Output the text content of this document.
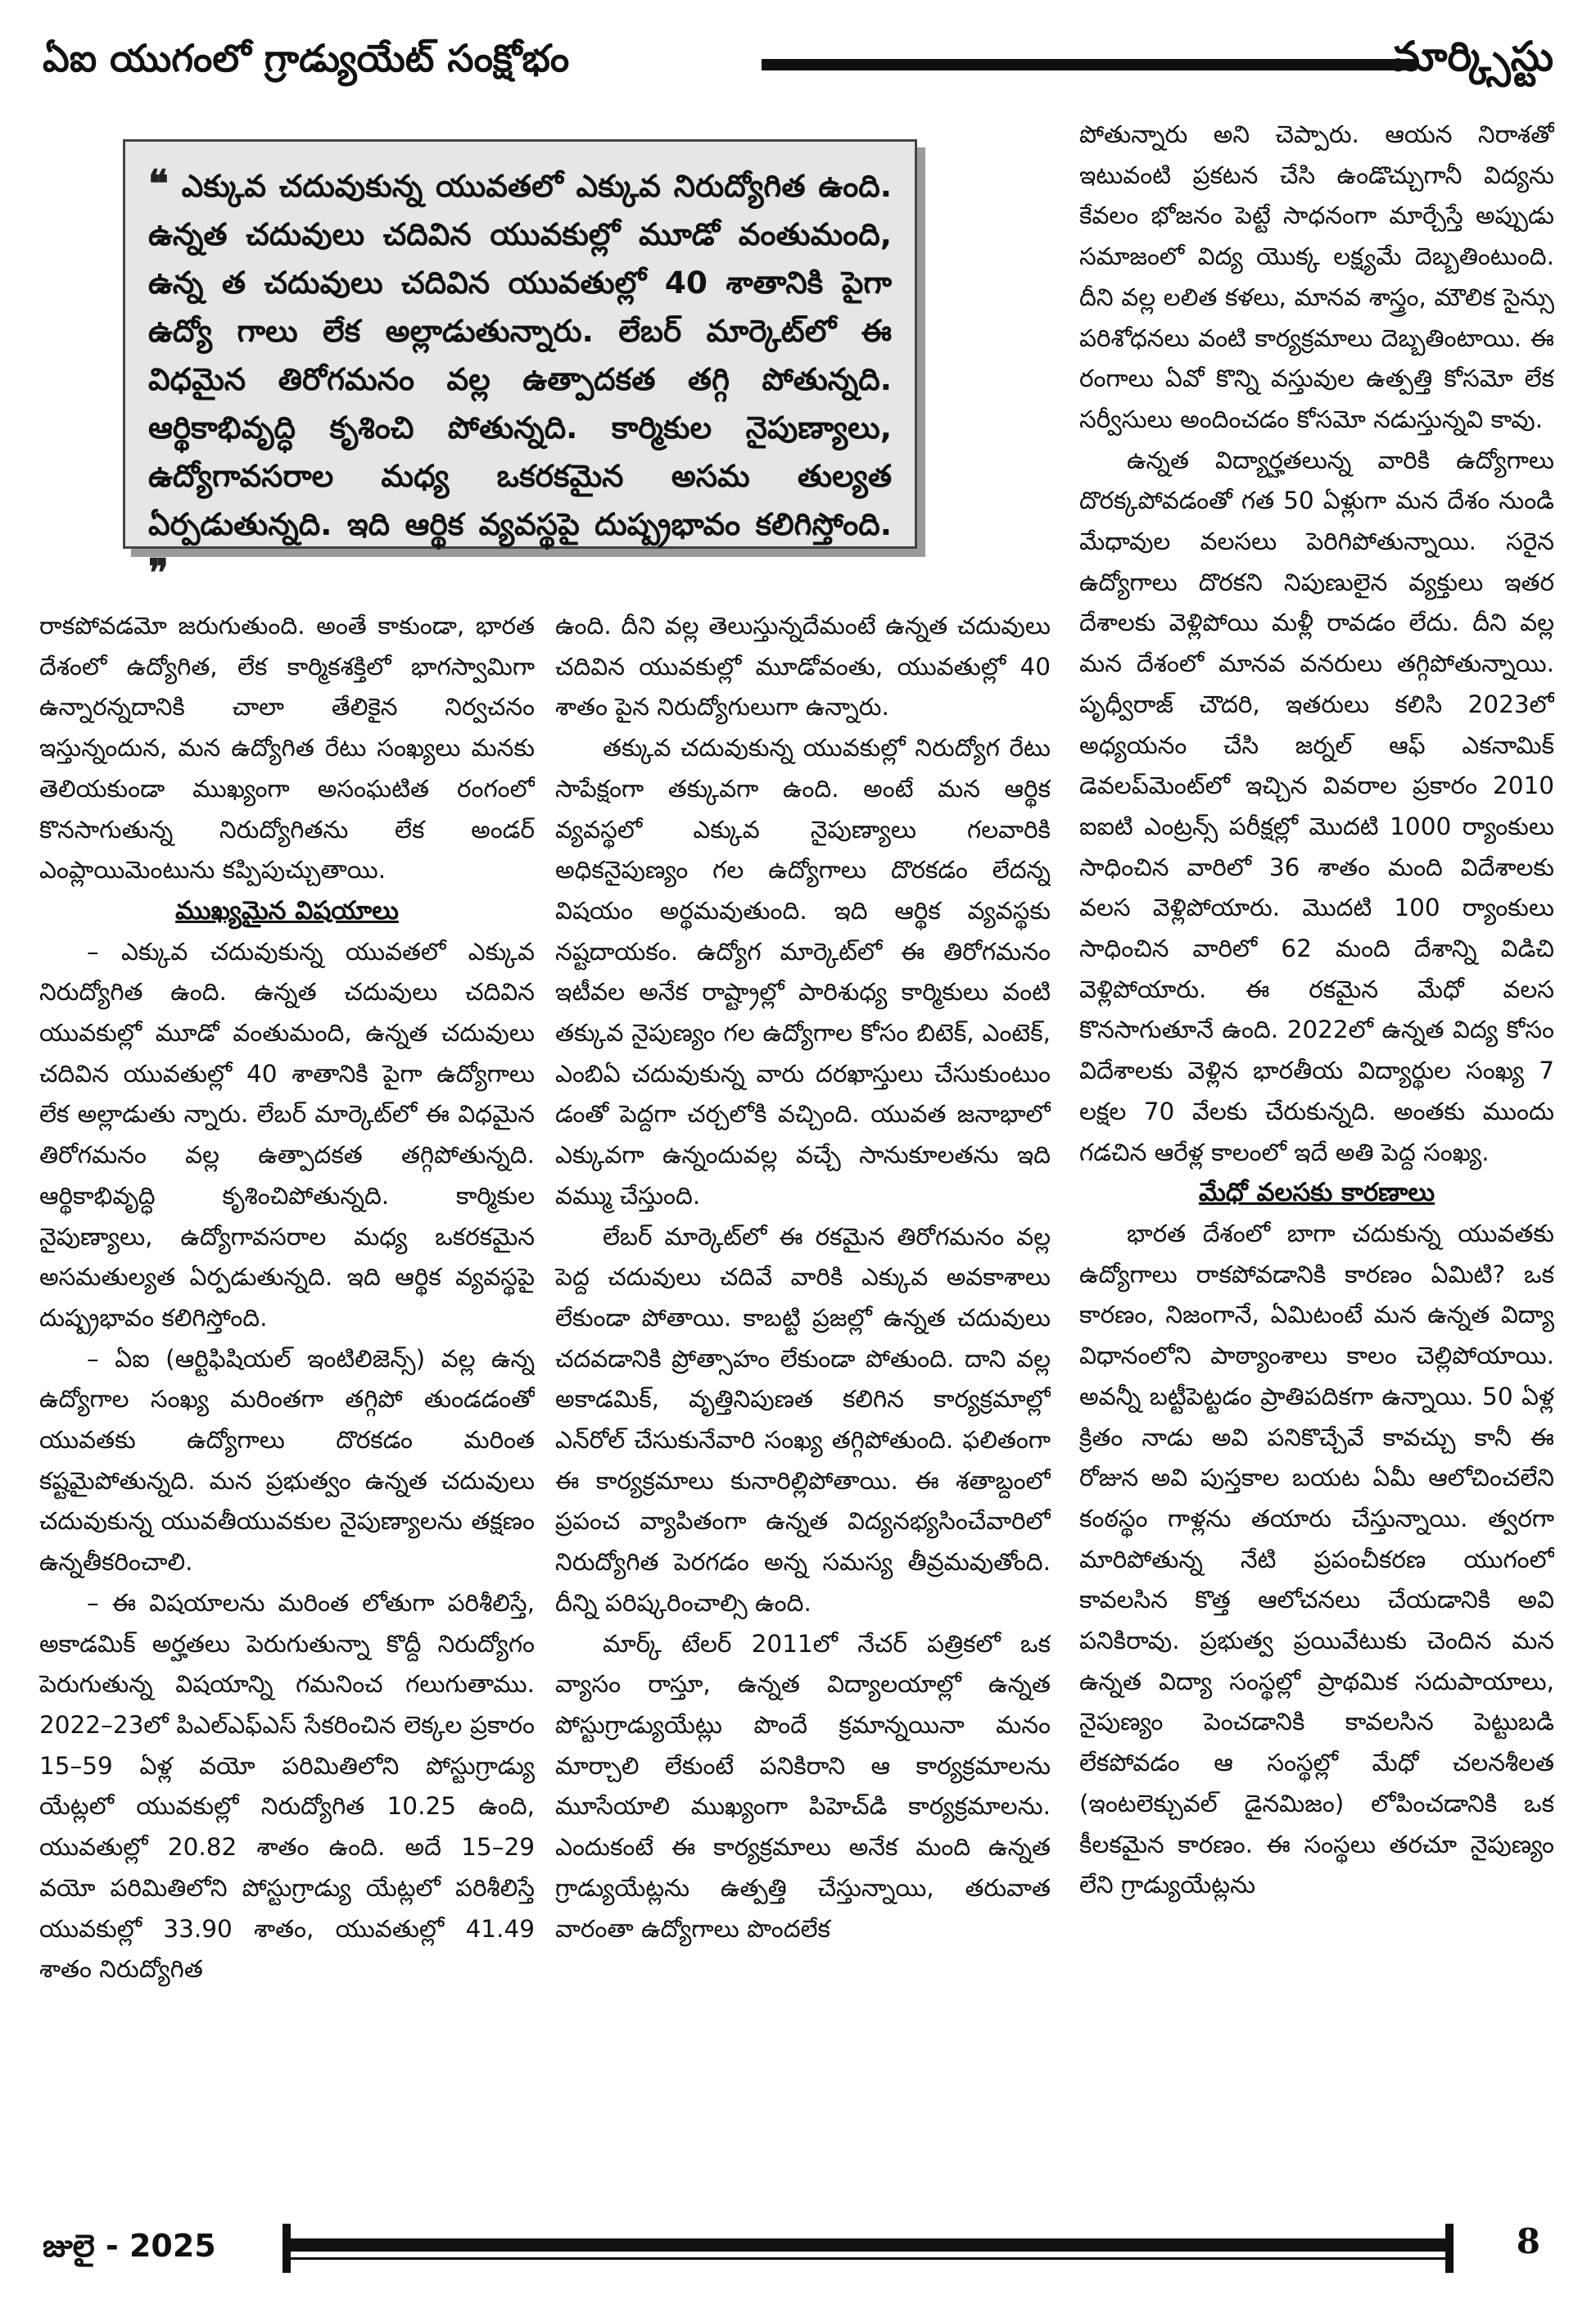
ఏఐ యుగంలో గ్రాడ్యుయేట్ సంక్షోభం	మార్క్సిస్టు

❝ ఎక్కువ చదువుకున్న యువతలో ఎక్కువ నిరుద్యోగిత ఉంది. ఉన్నత చదువులు చదివిన యువకుల్లో మూడో వంతుమంది, ఉన్న త చదువులు చదివిన యువతుల్లో 40 శాతానికి పైగా ఉద్యో గాలు లేక అల్లాడుతున్నారు. లేబర్ మార్కెట్‌లో ఈ విధమైన తిరోగమనం వల్ల ఉత్పాదకత తగ్గి పోతున్నది. ఆర్థికాభివృద్ధి కృశించి పోతున్నది. కార్మికుల నైపుణ్యాలు, ఉద్యోగావసరాల మధ్య ఒకరకమైన అసమ తుల్యత ఏర్పడుతున్నది. ఇది ఆర్థిక వ్యవస్థపై దుష్ప్రభావం కలిగిస్తోంది. ❞

రాకపోవడమో జరుగుతుంది. అంతే కాకుండా, భారత దేశంలో ఉద్యోగిత, లేక కార్మికశక్తిలో భాగస్వామిగా ఉన్నారన్నదానికి చాలా తేలికైన నిర్వచనం ఇస్తున్నందున, మన ఉద్యోగిత రేటు సంఖ్యలు మనకు తెలియకుండా ముఖ్యంగా అసంఘటిత రంగంలో కొనసాగుతున్న నిరుద్యోగితను లేక అండర్ ఎంప్లాయిమెంటును కప్పిపుచ్చుతాయి.

ముఖ్యమైన విషయాలు

– ఎక్కువ చదువుకున్న యువతలో ఎక్కువ నిరుద్యోగిత ఉంది. ఉన్నత చదువులు చదివిన యువకుల్లో మూడో వంతుమంది, ఉన్నత చదువులు చదివిన యువతుల్లో 40 శాతానికి పైగా ఉద్యోగాలు లేక అల్లాడుతు న్నారు. లేబర్ మార్కెట్‌లో ఈ విధమైన తిరోగమనం వల్ల ఉత్పాదకత తగ్గిపోతున్నది. ఆర్థికాభివృద్ధి కృశించిపోతున్నది. కార్మికుల నైపుణ్యాలు, ఉద్యోగావసరాల మధ్య ఒకరకమైన అసమతుల్యత ఏర్పడుతున్నది. ఇది ఆర్థిక వ్యవస్థపై దుష్ప్రభావం కలిగిస్తోంది.

– ఏఐ (ఆర్టిఫిషియల్ ఇంటిలిజెన్స్) వల్ల ఉన్న ఉద్యోగాల సంఖ్య మరింతగా తగ్గిపో తుండడంతో యువతకు ఉద్యోగాలు దొరకడం మరింత కష్టమైపోతున్నది. మన ప్రభుత్వం ఉన్నత చదువులు చదువుకున్న యువతీయువకుల నైపుణ్యాలను తక్షణం ఉన్నతీకరించాలి.

– ఈ విషయాలను మరింత లోతుగా పరిశీలిస్తే, అకాడమిక్ అర్హతలు పెరుగుతున్నా కొద్దీ నిరుద్యోగం పెరుగుతున్న విషయాన్ని గమనించ గలుగుతాము. 2022–23లో పిఎల్ఎఫ్ఎస్ సేకరించిన లెక్కల ప్రకారం 15–59 ఏళ్ల వయో పరిమితిలోని పోస్టుగ్రాడ్యు యేట్లలో యువకుల్లో నిరుద్యోగిత 10.25 ఉంది, యువతుల్లో 20.82 శాతం ఉంది. అదే 15–29 వయో పరిమితిలోని పోస్టుగ్రాడ్యు యేట్లలో పరిశీలిస్తే యువకుల్లో 33.90 శాతం, యువతుల్లో 41.49 శాతం నిరుద్యోగిత

ఉంది. దీని వల్ల తెలుస్తున్నదేమంటే ఉన్నత చదువులు చదివిన యువకుల్లో మూడోవంతు, యువతుల్లో 40 శాతం పైన నిరుద్యోగులుగా ఉన్నారు.

తక్కువ చదువుకున్న యువకుల్లో నిరుద్యోగ రేటు సాపేక్షంగా తక్కువగా ఉంది. అంటే మన ఆర్థిక వ్యవస్థలో ఎక్కువ నైపుణ్యాలు గలవారికి అధికనైపుణ్యం గల ఉద్యోగాలు దొరకడం లేదన్న విషయం అర్థమవుతుంది. ఇది ఆర్థిక వ్యవస్థకు నష్టదాయకం. ఉద్యోగ మార్కెట్‌లో ఈ తిరోగమనం ఇటీవల అనేక రాష్ట్రాల్లో పారిశుధ్య కార్మికులు వంటి తక్కువ నైపుణ్యం గల ఉద్యోగాల కోసం బిటెక్, ఎంటెక్, ఎంబిఏ చదువుకున్న వారు దరఖాస్తులు చేసుకుంటుం డంతో పెద్దగా చర్చలోకి వచ్చింది. యువత జనాభాలో ఎక్కువగా ఉన్నందువల్ల వచ్చే సానుకూలతను ఇది వమ్ము చేస్తుంది.

లేబర్ మార్కెట్‌లో ఈ రకమైన తిరోగమనం వల్ల పెద్ద చదువులు చదివే వారికి ఎక్కువ అవకాశాలు లేకుండా పోతాయి. కాబట్టి ప్రజల్లో ఉన్నత చదువులు చదవడానికి ప్రోత్సాహం లేకుండా పోతుంది. దాని వల్ల అకాడమిక్, వృత్తినిపుణత కలిగిన కార్యక్రమాల్లో ఎన్‌రోల్ చేసుకునేవారి సంఖ్య తగ్గిపోతుంది. ఫలితంగా ఈ కార్యక్రమాలు కునారిల్లిపోతాయి. ఈ శతాబ్దంలో ప్రపంచ వ్యాపితంగా ఉన్నత విద్యనభ్యసించేవారిలో నిరుద్యోగిత పెరగడం అన్న సమస్య తీవ్రమవుతోంది. దీన్ని పరిష్కరించాల్సి ఉంది.

మార్క్ టేలర్ 2011లో నేచర్ పత్రికలో ఒక వ్యాసం రాస్తూ, ఉన్నత విద్యాలయాల్లో ఉన్నత పోస్టుగ్రాడ్యుయేట్లు పొందే క్రమాన్నయినా మనం మార్చాలి లేకుంటే పనికిరాని ఆ కార్యక్రమాలను మూసేయాలి ముఖ్యంగా పిహెచ్‌డి కార్యక్రమాలను. ఎందుకంటే ఈ కార్యక్రమాలు అనేక మంది ఉన్నత గ్రాడ్యుయేట్లను ఉత్పత్తి చేస్తున్నాయి, తరువాత వారంతా ఉద్యోగాలు పొందలేక

పోతున్నారు అని చెప్పారు. ఆయన నిరాశతో ఇటువంటి ప్రకటన చేసి ఉండొచ్చుగానీ విద్యను కేవలం భోజనం పెట్టే సాధనంగా మార్చేస్తే అప్పుడు సమాజంలో విద్య యొక్క లక్ష్యమే దెబ్బతింటుంది. దీని వల్ల లలిత కళలు, మానవ శాస్త్రం, మౌలిక సైన్సు పరిశోధనలు వంటి కార్యక్రమాలు దెబ్బతింటాయి. ఈ రంగాలు ఏవో కొన్ని వస్తువుల ఉత్పత్తి కోసమో లేక సర్వీసులు అందించడం కోసమో నడుస్తున్నవి కావు.

ఉన్నత విద్యార్హతలున్న వారికి ఉద్యోగాలు దొరక్కపోవడంతో గత 50 ఏళ్లుగా మన దేశం నుండి మేధావుల వలసలు పెరిగిపోతున్నాయి. సరైన ఉద్యోగాలు దొరకని నిపుణులైన వ్యక్తులు ఇతర దేశాలకు వెళ్లిపోయి మళ్లీ రావడం లేదు. దీని వల్ల మన దేశంలో మానవ వనరులు తగ్గిపోతున్నాయి. పృధ్వీరాజ్ చౌదరి, ఇతరులు కలిసి 2023లో అధ్యయనం చేసి జర్నల్ ఆఫ్ ఎకనామిక్ డెవలప్‌మెంట్‌లో ఇచ్చిన వివరాల ప్రకారం 2010 ఐఐటి ఎంట్రన్స్ పరీక్షల్లో మొదటి 1000 ర్యాంకులు సాధించిన వారిలో 36 శాతం మంది విదేశాలకు వలస వెళ్లిపోయారు. మొదటి 100 ర్యాంకులు సాధించిన వారిలో 62 మంది దేశాన్ని విడిచి వెళ్లిపోయారు. ఈ రకమైన మేధో వలస కొనసాగుతూనే ఉంది. 2022లో ఉన్నత విద్య కోసం విదేశాలకు వెళ్లిన భారతీయ విద్యార్థుల సంఖ్య 7 లక్షల 70 వేలకు చేరుకున్నది. అంతకు ముందు గడచిన ఆరేళ్ల కాలంలో ఇదే అతి పెద్ద సంఖ్య.

మేధో వలసకు కారణాలు

భారత దేశంలో బాగా చదుకున్న యువతకు ఉద్యోగాలు రాకపోవడానికి కారణం ఏమిటి? ఒక కారణం, నిజంగానే, ఏమిటంటే మన ఉన్నత విద్యా విధానంలోని పాఠ్యాంశాలు కాలం చెల్లిపోయాయి. అవన్నీ బట్టీపెట్టడం ప్రాతిపదికగా ఉన్నాయి. 50 ఏళ్ల క్రితం నాడు అవి పనికొచ్చేవే కావచ్చు కానీ ఈ రోజున అవి పుస్తకాల బయట ఏమీ ఆలోచించలేని కంఠస్థం గాళ్లను తయారు చేస్తున్నాయి. త్వరగా మారిపోతున్న నేటి ప్రపంచీకరణ యుగంలో కావలసిన కొత్త ఆలోచనలు చేయడానికి అవి పనికిరావు. ప్రభుత్వ ప్రయివేటుకు చెందిన మన ఉన్నత విద్యా సంస్థల్లో ప్రాథమిక సదుపాయాలు, నైపుణ్యం పెంచడానికి కావలసిన పెట్టుబడి లేకపోవడం ఆ సంస్థల్లో మేధో చలనశీలత (ఇంటలెక్చువల్ డైనమిజం) లోపించడానికి ఒక కీలకమైన కారణం. ఈ సంస్థలు తరచూ నైపుణ్యం లేని గ్రాడ్యుయేట్లను

జులై - 2025	8
